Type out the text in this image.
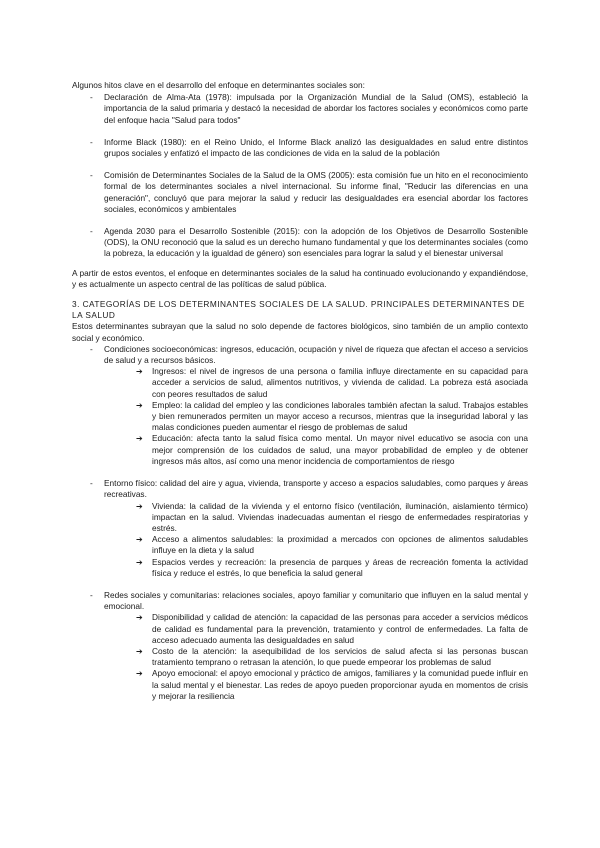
Algunos hitos clave en el desarrollo del enfoque en determinantes sociales son:

- Declaración de Alma-Ata (1978): impulsada por la Organización Mundial de la Salud (OMS), estableció la importancia de la salud primaria y destacó la necesidad de abordar los factores sociales y económicos como parte del enfoque hacia "Salud para todos"
- Informe Black (1980): en el Reino Unido, el Informe Black analizó las desigualdades en salud entre distintos grupos sociales y enfatizó el impacto de las condiciones de vida en la salud de la población
- Comisión de Determinantes Sociales de la Salud de la OMS (2005): esta comisión fue un hito en el reconocimiento formal de los determinantes sociales a nivel internacional. Su informe final, "Reducir las diferencias en una generación", concluyó que para mejorar la salud y reducir las desigualdades era esencial abordar los factores sociales, económicos y ambientales
- Agenda 2030 para el Desarrollo Sostenible (2015): con la adopción de los Objetivos de Desarrollo Sostenible (ODS), la ONU reconoció que la salud es un derecho humano fundamental y que los determinantes sociales (como la pobreza, la educación y la igualdad de género) son esenciales para lograr la salud y el bienestar universal

A partir de estos eventos, el enfoque en determinantes sociales de la salud ha continuado evolucionando y expandiéndose, y es actualmente un aspecto central de las políticas de salud pública.

3. CATEGORÍAS DE LOS DETERMINANTES SOCIALES DE LA SALUD. PRINCIPALES DETERMINANTES DE LA SALUD

Estos determinantes subrayan que la salud no solo depende de factores biológicos, sino también de un amplio contexto social y económico.

- Condiciones socioeconómicas: ingresos, educación, ocupación y nivel de riqueza que afectan el acceso a servicios de salud y a recursos básicos.
➔ Ingresos: el nivel de ingresos de una persona o familia influye directamente en su capacidad para acceder a servicios de salud, alimentos nutritivos, y vivienda de calidad. La pobreza está asociada con peores resultados de salud
➔ Empleo: la calidad del empleo y las condiciones laborales también afectan la salud. Trabajos estables y bien remunerados permiten un mayor acceso a recursos, mientras que la inseguridad laboral y las malas condiciones pueden aumentar el riesgo de problemas de salud
➔ Educación: afecta tanto la salud física como mental. Un mayor nivel educativo se asocia con una mejor comprensión de los cuidados de salud, una mayor probabilidad de empleo y de obtener ingresos más altos, así como una menor incidencia de comportamientos de riesgo
- Entorno físico: calidad del aire y agua, vivienda, transporte y acceso a espacios saludables, como parques y áreas recreativas.
➔ Vivienda: la calidad de la vivienda y el entorno físico (ventilación, iluminación, aislamiento térmico) impactan en la salud. Viviendas inadecuadas aumentan el riesgo de enfermedades respiratorias y estrés.
➔ Acceso a alimentos saludables: la proximidad a mercados con opciones de alimentos saludables influye en la dieta y la salud
➔ Espacios verdes y recreación: la presencia de parques y áreas de recreación fomenta la actividad física y reduce el estrés, lo que beneficia la salud general
- Redes sociales y comunitarias: relaciones sociales, apoyo familiar y comunitario que influyen en la salud mental y emocional.
➔ Disponibilidad y calidad de atención: la capacidad de las personas para acceder a servicios médicos de calidad es fundamental para la prevención, tratamiento y control de enfermedades. La falta de acceso adecuado aumenta las desigualdades en salud
➔ Costo de la atención: la asequibilidad de los servicios de salud afecta si las personas buscan tratamiento temprano o retrasan la atención, lo que puede empeorar los problemas de salud
➔ Apoyo emocional: el apoyo emocional y práctico de amigos, familiares y la comunidad puede influir en la salud mental y el bienestar. Las redes de apoyo pueden proporcionar ayuda en momentos de crisis y mejorar la resiliencia
